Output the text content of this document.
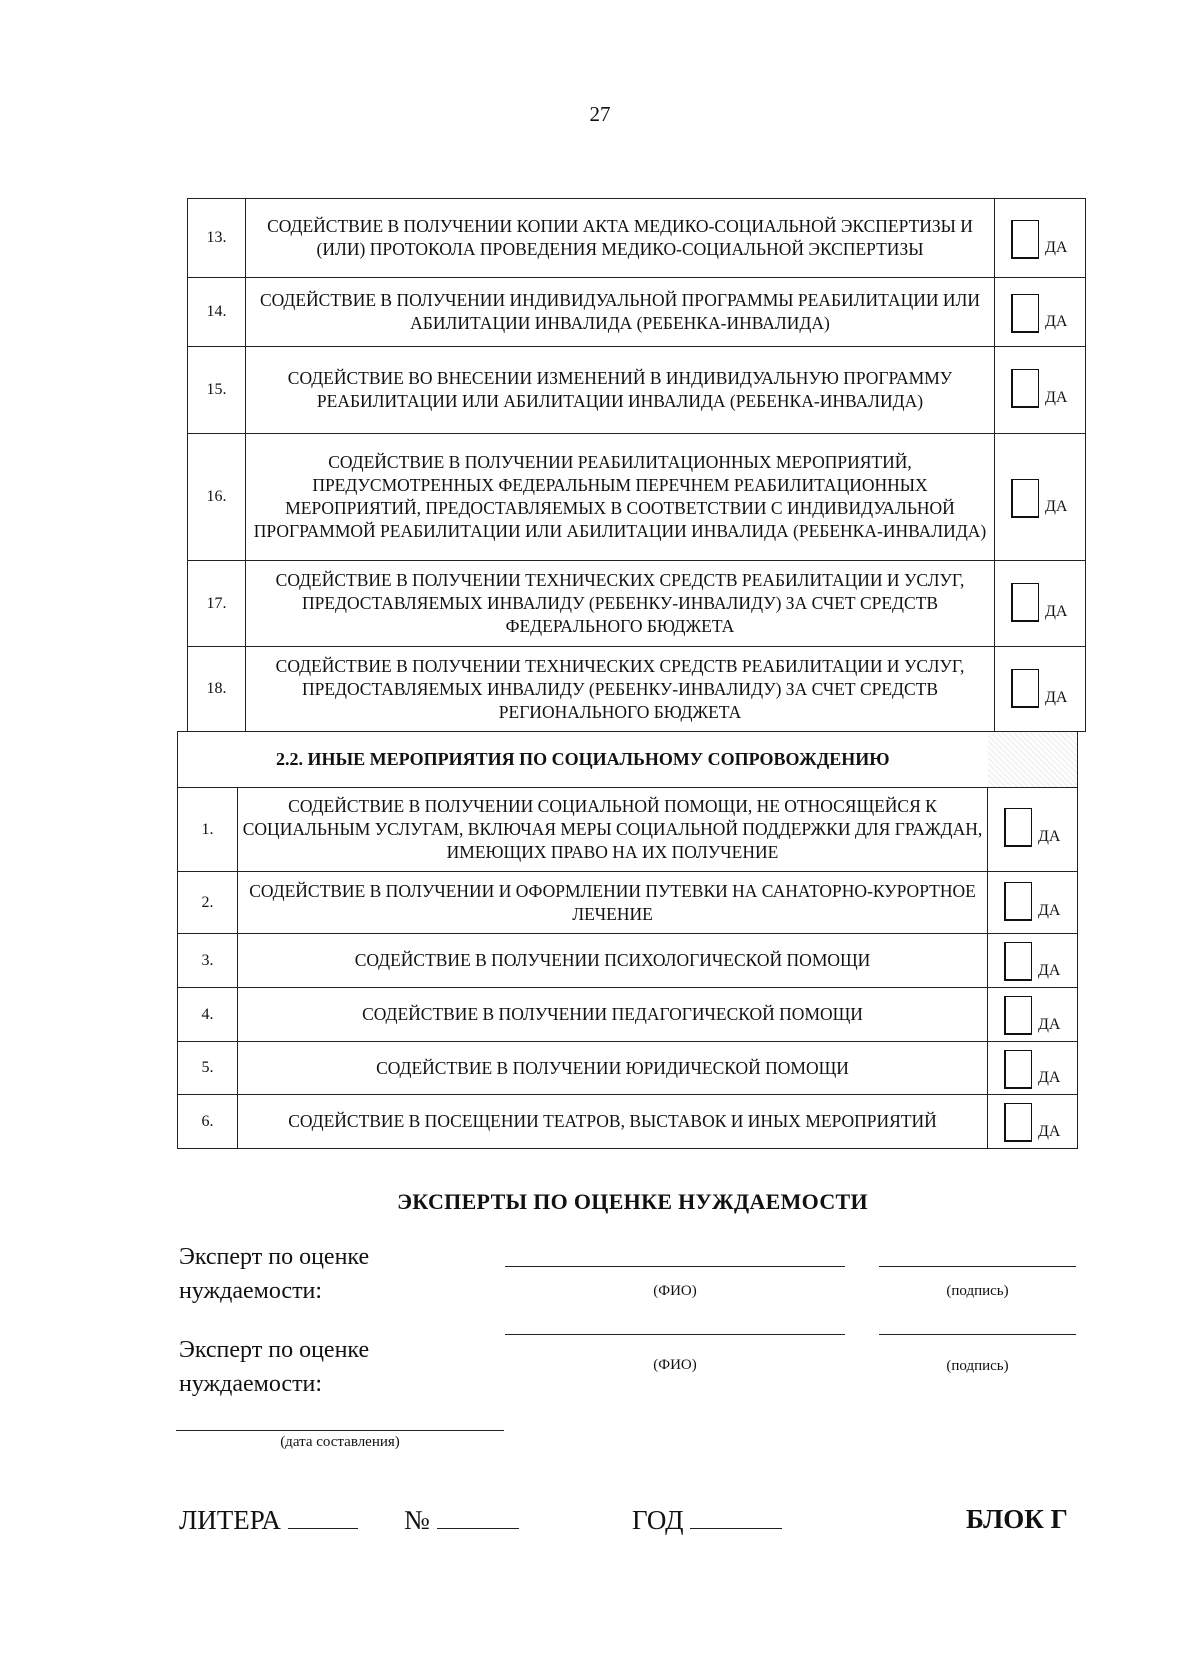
27
13.	СОДЕЙСТВИЕ В ПОЛУЧЕНИИ КОПИИ АКТА МЕДИКО-СОЦИАЛЬНОЙ ЭКСПЕРТИЗЫ И (ИЛИ) ПРОТОКОЛА ПРОВЕДЕНИЯ МЕДИКО-СОЦИАЛЬНОЙ ЭКСПЕРТИЗЫ	ДА

14.	СОДЕЙСТВИЕ В ПОЛУЧЕНИИ ИНДИВИДУАЛЬНОЙ ПРОГРАММЫ РЕАБИЛИТАЦИИ ИЛИ АБИЛИТАЦИИ ИНВАЛИДА (РЕБЕНКА-ИНВАЛИДА)	ДА

15.	СОДЕЙСТВИЕ ВО ВНЕСЕНИИ ИЗМЕНЕНИЙ В ИНДИВИДУАЛЬНУЮ ПРОГРАММУ РЕАБИЛИТАЦИИ ИЛИ АБИЛИТАЦИИ ИНВАЛИДА (РЕБЕНКА-ИНВАЛИДА)	ДА

16.	СОДЕЙСТВИЕ В ПОЛУЧЕНИИ РЕАБИЛИТАЦИОННЫХ МЕРОПРИЯТИЙ, ПРЕДУСМОТРЕННЫХ ФЕДЕРАЛЬНЫМ ПЕРЕЧНЕМ РЕАБИЛИТАЦИОННЫХ МЕРОПРИЯТИЙ, ПРЕДОСТАВЛЯЕМЫХ В СООТВЕТСТВИИ С ИНДИВИДУАЛЬНОЙ ПРОГРАММОЙ РЕАБИЛИТАЦИИ ИЛИ АБИЛИТАЦИИ ИНВАЛИДА (РЕБЕНКА-ИНВАЛИДА)	ДА

17.	СОДЕЙСТВИЕ В ПОЛУЧЕНИИ ТЕХНИЧЕСКИХ СРЕДСТВ РЕАБИЛИТАЦИИ И УСЛУГ, ПРЕДОСТАВЛЯЕМЫХ ИНВАЛИДУ (РЕБЕНКУ-ИНВАЛИДУ) ЗА СЧЕТ СРЕДСТВ ФЕДЕРАЛЬНОГО БЮДЖЕТА	ДА

18.	СОДЕЙСТВИЕ В ПОЛУЧЕНИИ ТЕХНИЧЕСКИХ СРЕДСТВ РЕАБИЛИТАЦИИ И УСЛУГ, ПРЕДОСТАВЛЯЕМЫХ ИНВАЛИДУ (РЕБЕНКУ-ИНВАЛИДУ) ЗА СЧЕТ СРЕДСТВ РЕГИОНАЛЬНОГО БЮДЖЕТА	ДА
2.2. ИНЫЕ МЕРОПРИЯТИЯ ПО СОЦИАЛЬНОМУ СОПРОВОЖДЕНИЮ		
1.	СОДЕЙСТВИЕ В ПОЛУЧЕНИИ СОЦИАЛЬНОЙ ПОМОЩИ, НЕ ОТНОСЯЩЕЙСЯ К СОЦИАЛЬНЫМ УСЛУГАМ, ВКЛЮЧАЯ МЕРЫ СОЦИАЛЬНОЙ ПОДДЕРЖКИ ДЛЯ ГРАЖДАН, ИМЕЮЩИХ ПРАВО НА ИХ ПОЛУЧЕНИЕ	ДА

2.	СОДЕЙСТВИЕ В ПОЛУЧЕНИИ И ОФОРМЛЕНИИ ПУТЕВКИ НА САНАТОРНО-КУРОРТНОЕ ЛЕЧЕНИЕ	ДА

3.	СОДЕЙСТВИЕ В ПОЛУЧЕНИИ ПСИХОЛОГИЧЕСКОЙ ПОМОЩИ	ДА

4.	СОДЕЙСТВИЕ В ПОЛУЧЕНИИ ПЕДАГОГИЧЕСКОЙ ПОМОЩИ	ДА

5.	СОДЕЙСТВИЕ В ПОЛУЧЕНИИ ЮРИДИЧЕСКОЙ ПОМОЩИ	ДА

6.	СОДЕЙСТВИЕ В ПОСЕЩЕНИИ ТЕАТРОВ, ВЫСТАВОК И ИНЫХ МЕРОПРИЯТИЙ	ДА
ЭКСПЕРТЫ ПО ОЦЕНКЕ НУЖДАЕМОСТИ
Эксперт по оценке нуждаемости:	(ФИО)	(подпись)
Эксперт по оценке нуждаемости:
(ФИО)	(подпись)
(дата составления)
ЛИТЕРА	№	ГОД	БЛОК Г
